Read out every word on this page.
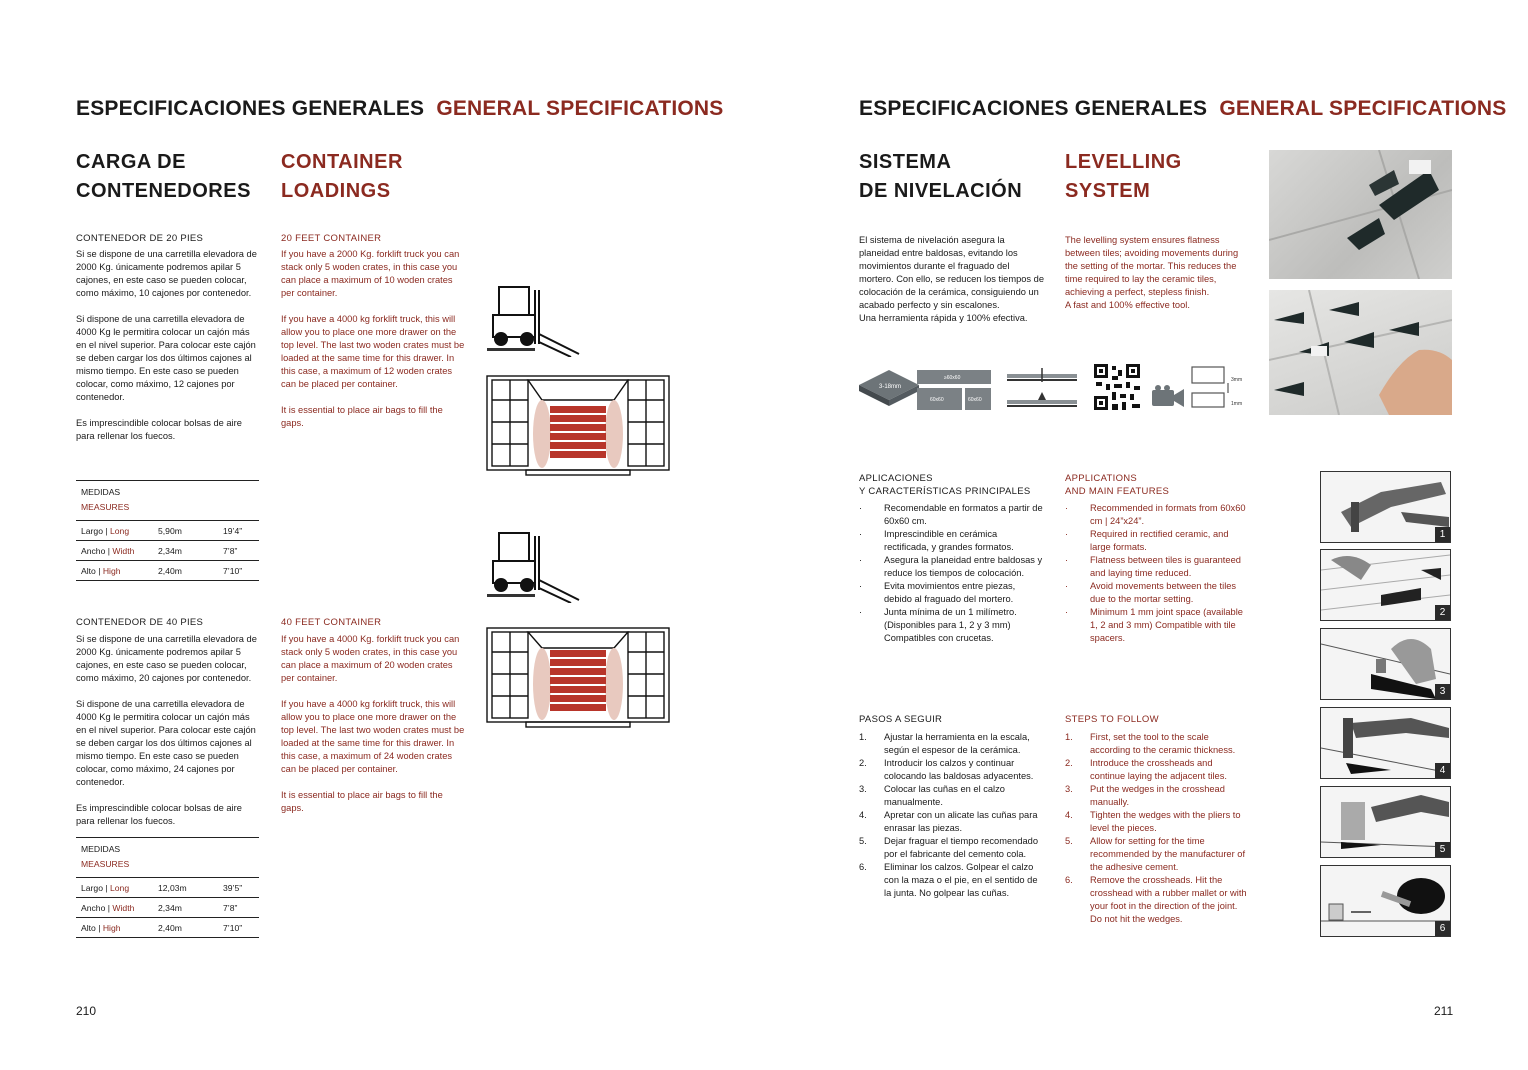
ESPECIFICACIONES GENERALES GENERAL SPECIFICATIONS
CARGA DE
CONTENEDORES
CONTAINER
LOADINGS
CONTENEDOR DE 20 PIES

Si se dispone de una carretilla elevadora de 2000 Kg. únicamente podremos apilar 5 cajones, en este caso se pueden colocar, como máximo, 10 cajones por contenedor.

Si dispone de una carretilla elevadora de 4000 Kg le permitira colocar un cajón más en el nivel superior. Para colocar este cajón se deben cargar los dos últimos cajones al mismo tiempo. En este caso se pueden colocar, como máximo, 12 cajones por contenedor.

Es imprescindible colocar bolsas de aire para rellenar los fuecos.

20 FEET CONTAINER

If you have a 2000 Kg. forklift truck you can stack only 5 woden crates, in this case you can place a maximum of 10 woden crates per container.

If you have a 4000 kg forklift truck, this will allow you to place one more drawer on the top level. The last two woden crates must be loaded at the same time for this drawer. In this case, a maximum of 12 woden crates can be placed per container.

It is essential to place air bags to fill the gaps.

MEDIDAS
MEASURES
Largo | Long	5,90m	19’4”
Ancho | Width	2,34m	7’8”
Alto | High	2,40m	7’10”
CONTENEDOR DE 40 PIES

Si se dispone de una carretilla elevadora de 2000 Kg. únicamente podremos apilar 5 cajones, en este caso se pueden colocar, como máximo, 20 cajones por contenedor.

Si dispone de una carretilla elevadora de 4000 Kg le permitira colocar un cajón más en el nivel superior. Para colocar este cajón se deben cargar los dos últimos cajones al mismo tiempo. En este caso se pueden colocar, como máximo, 24 cajones por contenedor.

Es imprescindible colocar bolsas de aire para rellenar los fuecos.

40 FEET CONTAINER

If you have a 4000 Kg. forklift truck you can stack only 5 woden crates, in this case you can place a maximum of 20 woden crates per container.

If you have a 4000 kg forklift truck, this will allow you to place one more drawer on the top level. The last two woden crates must be loaded at the same time for this drawer. In this case, a maximum of 24 woden crates can be placed per container.

It is essential to place air bags to fill the gaps.

MEDIDAS
MEASURES
Largo | Long	12,03m	39’5”
Ancho | Width	2,34m	7’8”
Alto | High	2,40m	7’10”
210
ESPECIFICACIONES GENERALES GENERAL SPECIFICATIONS
SISTEMA
DE NIVELACIÓN
LEVELLING
SYSTEM
El sistema de nivelación asegura la planeidad entre baldosas, evitando los movimientos durante el fraguado del mortero. Con ello, se reducen los tiempos de colocación de la cerámica, consiguiendo un acabado perfecto y sin escalones.
Una herramienta rápida y 100% efectiva.
The levelling system ensures flatness between tiles; avoiding movements during the setting of the mortar. This reduces the time required to lay the ceramic tiles, achieving a perfect, stepless finish.
A fast and 100% effective tool.
3-18mm
≥60x60
60x60	60x60
3mm
1mm
APLICACIONES
Y CARACTERÍSTICAS PRINCIPALES
APPLICATIONS
AND MAIN FEATURES
· Recomendable en formatos a partir de 60x60 cm.
· Imprescindible en cerámica rectificada, y grandes formatos.
· Asegura la planeidad entre baldosas y reduce los tiempos de colocación.
· Evita movimientos entre piezas, debido al fraguado del mortero.
· Junta mínima de un 1 milímetro. (Disponibles para 1, 2 y 3 mm) Compatibles con crucetas.
· Recommended in formats from 60x60 cm | 24”x24”.
· Required in rectified ceramic, and large formats.
· Flatness between tiles is guaranteed and laying time reduced.
· Avoid movements between the tiles due to the mortar setting.
· Minimum 1 mm joint space (available 1, 2 and 3 mm) Compatible with tile spacers.
PASOS A SEGUIR	STEPS TO FOLLOW
1. Ajustar la herramienta en la escala, según el espesor de la cerámica.
2. Introducir los calzos y continuar colocando las baldosas adyacentes.
3. Colocar las cuñas en el calzo manualmente.
4. Apretar con un alicate las cuñas para enrasar las piezas.
5. Dejar fraguar el tiempo recomendado por el fabricante del cemento cola.
6. Eliminar los calzos. Golpear el calzo con la maza o el pie, en el sentido de la junta. No golpear las cuñas.
1. First, set the tool to the scale according to the ceramic thickness.
2. Introduce the crossheads and continue laying the adjacent tiles.
3. Put the wedges in the crosshead manually.
4. Tighten the wedges with the pliers to level the pieces.
5. Allow for setting for the time recommended by the manufacturer of the adhesive cement.
6. Remove the crossheads. Hit the crosshead with a rubber mallet or with your foot in the direction of the joint. Do not hit the wedges.
1
2
3
4
5
6
211
